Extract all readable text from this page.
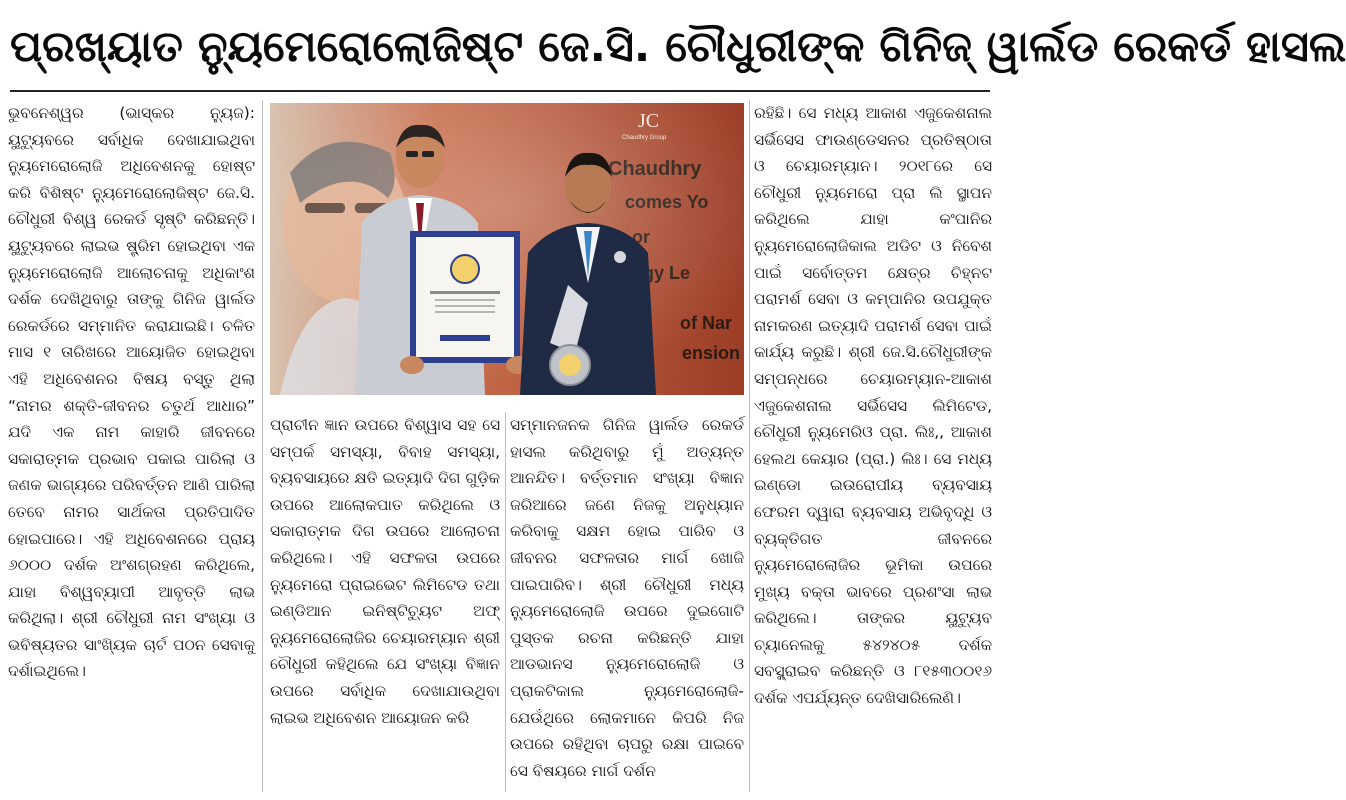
ପ୍ରଖ୍ୟାତ ନ୍ୟୁମେରୋଲୋଜିଷ୍ଟ ଜେ.ସି. ଚୌଧୁରୀଙ୍କ ଗିନିଜ୍ ୱାର୍ଲଡ ରେକର୍ଡ ହାସଲ

ଭୁବନେଶ୍ୱର (ଭାସ୍କର ନ୍ୟୁଜ): ୟୁଟ୍ୟୁବରେ ସର୍ବାଧିକ ଦେଖାଯାଇଥିବା ନ୍ୟୁମେରୋଲୋଜି ଅଧିବେଶନକୁ ହୋଷ୍ଟ କରି ବିଶିଷ୍ଟ ନ୍ୟୁମେରୋଲୋଜିଷ୍ଟ ଜେ.ସି. ଚୌଧୁରୀ ବିଶ୍ୱ ରେକର୍ଡ ସୃଷ୍ଟି କରିଛନ୍ତି। ୟୁଟ୍ୟୁବରେ ଲାଇଭ ଷ୍ଟ୍ରିମ ହୋଇଥିବା ଏକ ନ୍ୟୁମେରୋଲୋଜି ଆଲୋଚନାକୁ ଅଧିକାଂଶ ଦର୍ଶକ ଦେଖିଥିବାରୁ ତାଙ୍କୁ ଗିନିଜ ୱାର୍ଲଡ ରେକର୍ଡରେ ସମ୍ମାନିତ କରାଯାଇଛି। ଚଳିତ ମାସ ୧ ତାରିଖରେ ଆୟୋଜିତ ହୋଇଥିବା ଏହି ଅଧିବେଶନର ବିଷୟ ବସ୍ତୁ ଥିଲା “ନାମର ଶକ୍ତି-ଜୀବନର ଚତୁର୍ଥ ଆଧାର” ଯଦି ଏକ ନାମ କାହାରି ଜୀବନରେ ସକାରାତ୍ମକ ପ୍ରଭାବ ପକାଇ ପାରିଲା ଓ ଜଣକ ଭାଗ୍ୟରେ ପରିବର୍ତ୍ତନ ଆଣି ପାରିଲା ତେବେ ନାମର ସାର୍ଥକତା ପ୍ରତିପାଦିତ ହୋଇପାରେ। ଏହି ଅଧିବେଶନରେ ପ୍ରାୟ ୬୦୦୦ ଦର୍ଶକ ଅଂଶଗ୍ରହଣ କରିଥିଲେ, ଯାହା ବିଶ୍ୱବ୍ୟାପୀ ଆବୃତ୍ତି ଲାଭ କରିଥିଲା। ଶ୍ରୀ ଚୌଧୁରୀ ନାମ ସଂଖ୍ୟା ଓ ଭବିଷ୍ୟତର ସାଂଖ୍ୟିକ ଚାର୍ଟ ପଠନ ସେବାକୁ ଦର୍ଶାଇଥିଲେ।

ପ୍ରାଚୀନ ଜ୍ଞାନ ଉପରେ ବିଶ୍ୱାସ ସହ ସେ ସମ୍ପର୍କ ସମସ୍ୟା, ବିବାହ ସମସ୍ୟା, ବ୍ୟବସାୟରେ କ୍ଷତି ଇତ୍ୟାଦି ଦିଗ ଗୁଡ଼ିକ ଉପରେ ଆଲୋକପାତ କରିଥିଲେ ଓ ସକାରାତ୍ମକ ଦିଗ ଉପରେ ଆଲୋଚନା କରିଥିଲେ। ଏହି ସଫଳତା ଉପରେ ନ୍ୟୁମେରୋ ପ୍ରାଇଭେଟ ଲିମିଟେଡ ତଥା ଇଣ୍ଡିଆନ ଇନିଷ୍ଟିଚ୍ୟୁଟ ଅଫ୍ ନ୍ୟୁମେରୋଲୋଜିର ଚେୟାରମ୍ୟାନ ଶ୍ରୀ ଚୌଧୁରୀ କହିଥିଲେ ଯେ ସଂଖ୍ୟା ବିଜ୍ଞାନ ଉପରେ ସର୍ବାଧିକ ଦେଖାଯାଉଥିବା ଲାଇଭ ଅଧିବେଶନ ଆୟୋଜନ କରି

ସମ୍ମାନଜନକ ଗିନିଜ ୱାର୍ଲଡ ରେକର୍ଡ ହାସଲ କରିଥିବାରୁ ମୁଁ ଅତ୍ୟନ୍ତ ଆନନ୍ଦିତ। ବର୍ତ୍ତମାନ ସଂଖ୍ୟା ବିଜ୍ଞାନ ଜରିଆରେ ଜଣେ ନିଜକୁ ଅନୁଧ୍ୟାନ କରିବାକୁ ସକ୍ଷମ ହୋଇ ପାରିବ ଓ ଜୀବନର ସଫଳତାର ମାର୍ଗ ଖୋଜି ପାଇପାରିବ। ଶ୍ରୀ ଚୌଧୁରୀ ମଧ୍ୟ ନ୍ୟୁମେରୋଲୋଜି ଉପରେ ଦୁଇଗୋଟି ପୁସ୍ତକ ରଚନା କରିଛନ୍ତି ଯାହା ଆଡଭାନସ ନ୍ୟୁମେରୋଲୋଜି ଓ ପ୍ରାକଟିକାଲ ନ୍ୟୁମେରୋଲୋଜି- ଯେଉଁଥିରେ ଲୋକମାନେ କିପରି ନିଜ ଉପରେ ରହିଥିବା ଚାପରୁ ରକ୍ଷା ପାଇବେ ସେ ବିଷୟରେ ମାର୍ଗ ଦର୍ଶନ

ରହିଛି। ସେ ମଧ୍ୟ ଆକାଶ ଏଜୁକେଶନାଲ ସର୍ଭିସେସ ଫାଉଣ୍ଡେସନର ପ୍ରତିଷ୍ଠାତା ଓ ଚେୟାରମ୍ୟାନ। ୨୦୧୮ରେ ସେ ଚୌଧୁରୀ ନ୍ୟୁମେରୋ ପ୍ରା ଲି ସ୍ଥାପନ କରିଥିଲେ ଯାହା କଂପାନିର ନ୍ୟୁମେରୋଲୋଜିକାଲ ଅଡିଟ ଓ ନିବେଶ ପାଇଁ ସର୍ବୋତ୍ତମ କ୍ଷେତ୍ର ଚିହ୍ନଟ ପରାମର୍ଶ ସେବା ଓ କମ୍ପାନିର ଉପଯୁକ୍ତ ନାମକରଣ ଇତ୍ୟାଦି ପରାମର୍ଶ ସେବା ପାଇଁ କାର୍ଯ୍ୟ କରୁଛି। ଶ୍ରୀ ଜେ.ସି.ଚୌଧୁରୀଙ୍କ ସମ୍ପନ୍ଧରେ ଚେୟାରମ୍ୟାନ-ଆକାଶ ଏଜୁକେଶନାଲ ସର୍ଭିସେସ ଲିମିଟେଡ, ଚୌଧୁରୀ ନ୍ୟୁମେରିଓ ପ୍ରା. ଲିଃ,, ଆକାଶ ହେଲଥ କେୟାର (ପ୍ରା.) ଲିଃ। ସେ ମଧ୍ୟ ଇଣ୍ଡୋ ଇଉରୋପୀୟ ବ୍ୟବସାୟ ଫେରମ ଦ୍ୱାରା ବ୍ୟବସାୟ ଅଭିବୃଦ୍ଧି ଓ ବ୍ୟକ୍ତିଗତ ଜୀବନରେ ନ୍ୟୁମେରୋଲୋଜିର ଭୂମିକା ଉପରେ ମୁଖ୍ୟ ବକ୍ତା ଭାବରେ ପ୍ରଶଂସା ଲାଭ କରିଥିଲେ। ତାଙ୍କର ୟୁଟ୍ୟୁବ ଚ୍ୟାନେଲକୁ ୫୪୨୪୦୫ ଦର୍ଶକ ସବସ୍କ୍ରାଇବ କରିଛନ୍ତି ଓ ୮୧୫୩୦୦୧୬ ଦର୍ଶକ ଏପର୍ଯ୍ୟନ୍ତ ଦେଖିସାରିଲେଣି।
